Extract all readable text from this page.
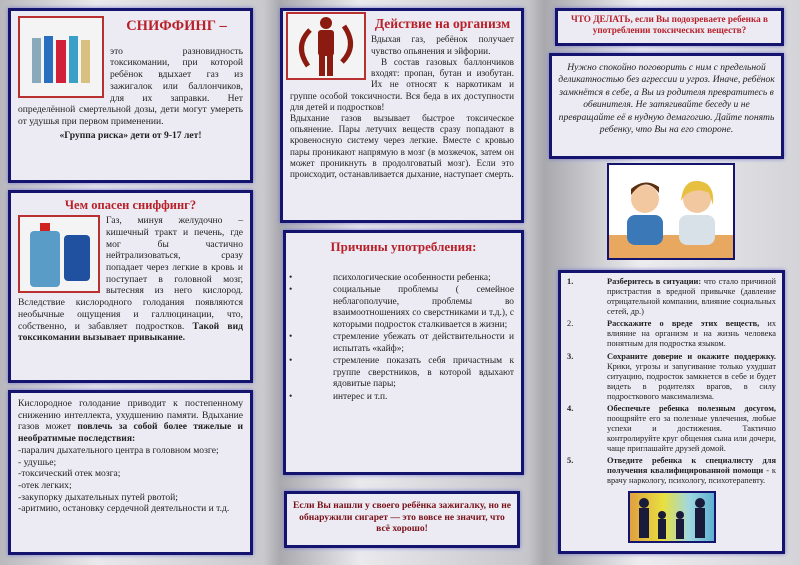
СНИФФИНГ –

это разновидность токсикомании, при которой ребёнок вдыхает газ из зажигалок или баллончиков, для их заправки. Нет определённой смертельной дозы, дети могут умереть от удушья при первом применении.

«Группа риска» дети от 9-17 лет!

Чем опасен сниффинг?

Газ, минуя желудочно – кишечный тракт и печень, где мог бы частично нейтрализоваться, сразу попадает через легкие в кровь и поступает в головной мозг, вытесняя из него кислород. Вследствие кислородного голодания появляются необычные ощущения и галлюцинации, что, собственно, и забавляет подростков. Такой вид токсикомании вызывает привыкание.

Кислородное голодание приводит к постепенному снижению интеллекта, ухудшению памяти. Вдыхание газов может повлечь за собой более тяжелые и необратимые последствия:

-паралич дыхательного центра в головном мозге;
- удушье;
-токсический отек мозга;
-отек легких;
-закупорку дыхательных путей рвотой;
-аритмию, остановку сердечной деятельности и т.д.
Действие на организм

Вдыхая газ, ребёнок получает чувство опьянения и эйфории.

В состав газовых баллончиков входят: пропан, бутан и изобутан. Их не относят к наркотикам и группе особой токсичности. Вся беда в их доступности для детей и подростков!

Вдыхание газов вызывает быстрое токсическое опьянение. Пары летучих веществ сразу попадают в кровеносную систему через легкие. Вместе с кровью пары проникают напрямую в мозг (в мозжечок, затем он может проникнуть в продолговатый мозг). Если это происходит, останавливается дыхание, наступает смерть.

Причины употребления:
• психологические особенности ребенка;
• социальные проблемы ( семейное неблагополучие, проблемы во взаимоотношениях со сверстниками и т.д.), с которыми подросток сталкивается в жизни;
• стремление убежать от действительности и испытать «кайф»;
• стремление показать себя причастным к группе сверстников, в которой вдыхают ядовитые пары;
• интерес и т.п.

Если Вы нашли у своего ребёнка зажигалку, но не обнаружили сигарет — это вовсе не значит, что всё хорошо!

ЧТО ДЕЛАТЬ, если Вы подозреваете ребенка в употреблении токсических веществ?

Нужно спокойно поговорить с ним с предельной деликатностью без агрессии и угроз. Иначе, ребёнок замкнётся в себе, а Вы из родителя превратитесь в обвинителя. Не затягивайте беседу и не превращайте её в нудную демагогию. Дайте понять ребенку, что Вы на его стороне.

1.	Разберитесь в ситуации: что стало причиной пристрастия в вредной привычке (давление отрицательной компании, влияние социальных сетей, др.)
2.	Расскажите о вреде этих веществ, их влияние на организм и на жизнь человека понятным для подростка языком.
3.	Сохраните доверие и окажите поддержку. Крики, угрозы и запугивание только ухудшат ситуацию, подросток замкнется в себе и будет видеть в родителях врагов, в силу подросткового максимализма.
4.	Обеспечьте ребенка полезным досугом, поощряйте его за полезные увлечения, любые успехи и достижения. Тактично контролируйте круг общения сына или дочери, чаще приглашайте друзей домой.
5.	Отведите ребенка к специалисту для получения квалифицированной помощи - к врачу наркологу, психологу, психотерапевту.
